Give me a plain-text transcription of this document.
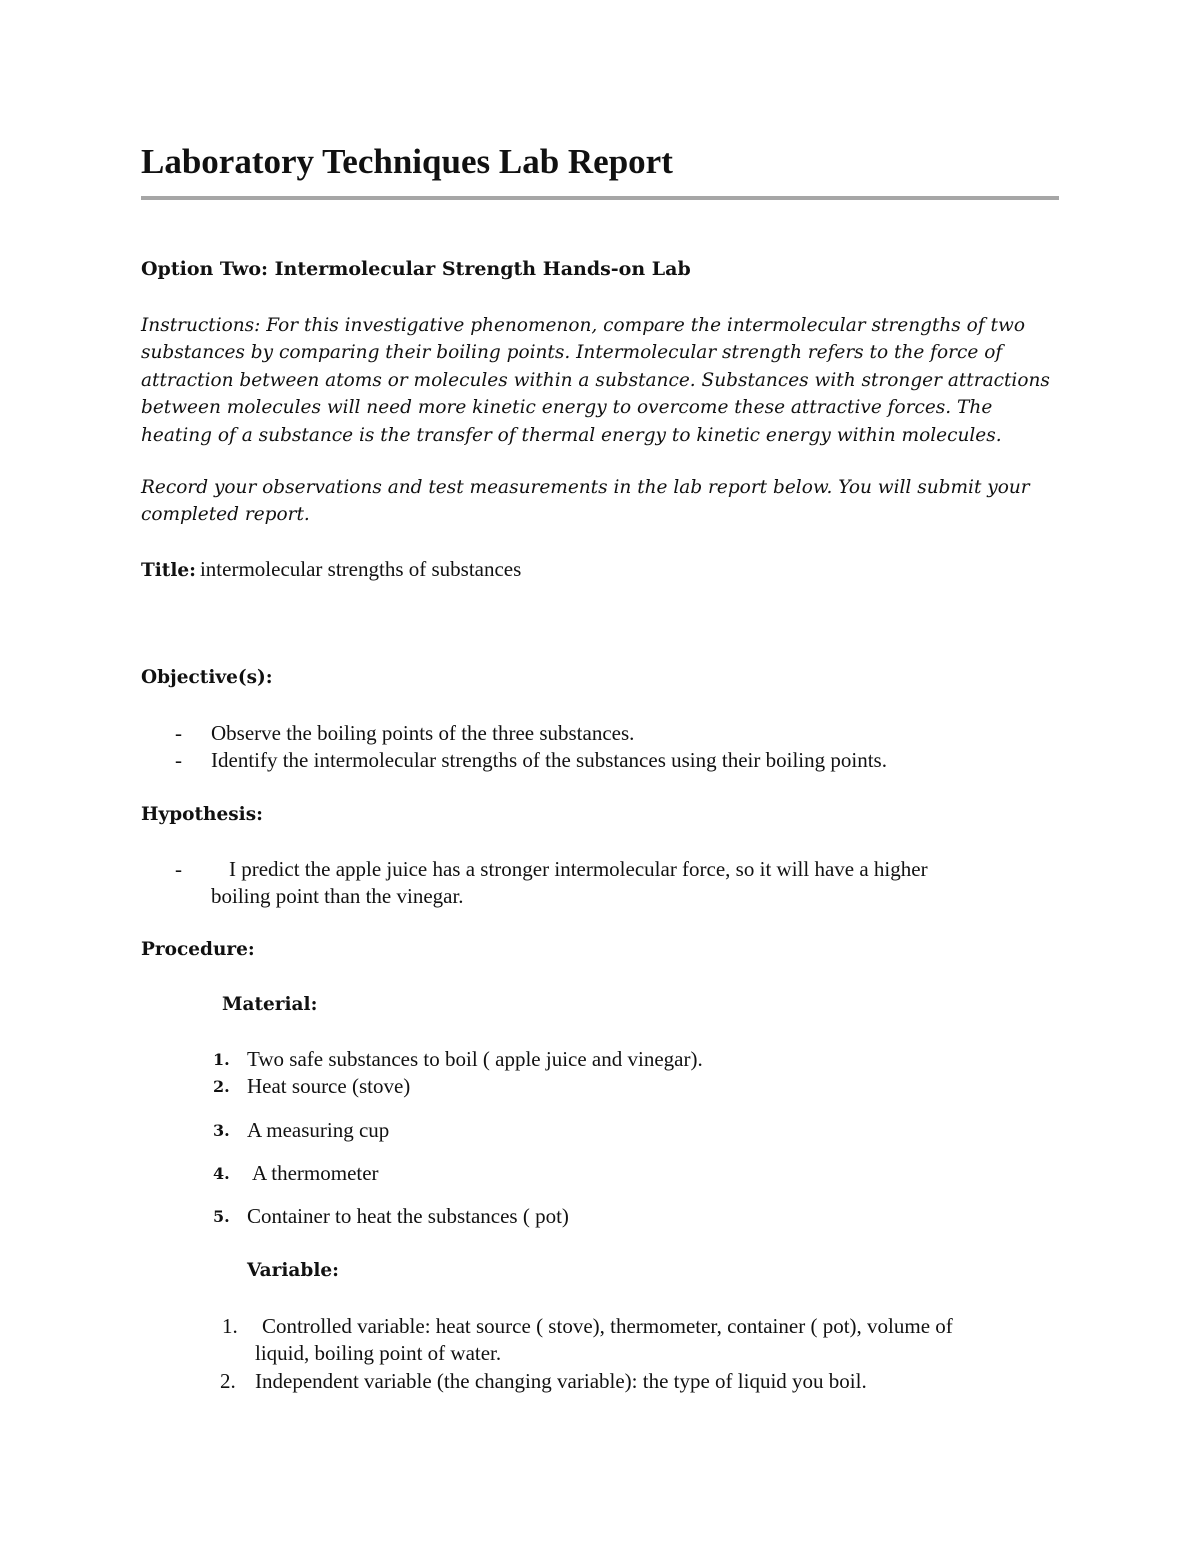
Laboratory Techniques Lab Report
Option Two: Intermolecular Strength Hands-on Lab
Instructions: For this investigative phenomenon, compare the intermolecular strengths of two
substances by comparing their boiling points. Intermolecular strength refers to the force of
attraction between atoms or molecules within a substance. Substances with stronger attractions
between molecules will need more kinetic energy to overcome these attractive forces. The
heating of a substance is the transfer of thermal energy to kinetic energy within molecules.
Record your observations and test measurements in the lab report below. You will submit your
completed report.
Title: intermolecular strengths of substances
Objective(s):
- Observe the boiling points of the three substances.
- Identify the intermolecular strengths of the substances using their boiling points.
Hypothesis:
- I predict the apple juice has a stronger intermolecular force, so it will have a higher
boiling point than the vinegar.
Procedure:
Material:
1. Two safe substances to boil ( apple juice and vinegar).
2. Heat source (stove)
3. A measuring cup
4. A thermometer
5. Container to heat the substances ( pot)
Variable:
1. Controlled variable: heat source ( stove), thermometer, container ( pot), volume of
liquid, boiling point of water.
2. Independent variable (the changing variable): the type of liquid you boil.
